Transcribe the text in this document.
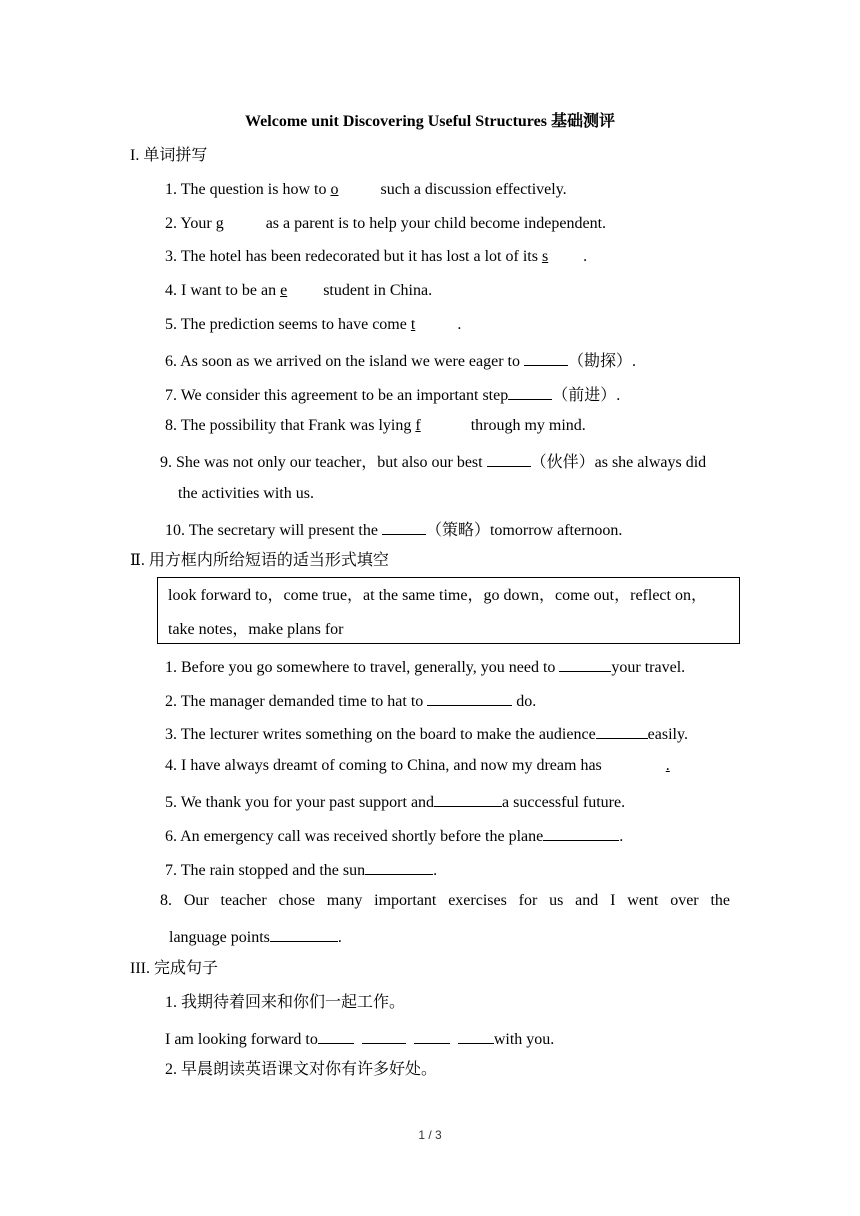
Welcome unit Discovering Useful Structures 基础测评
I. 单词拼写
1. The question is how to o such a discussion effectively.
2. Your g	as a parent is to help your child become independent.
3. The hotel has been redecorated but it has lost a lot of its s .
4. I want to be an e student in China.
5. The prediction seems to have come t	.
6. As soon as we arrived on the island we were eager to	（勘探）.
7. We consider this agreement to be an important step	（前进）.
8. The possibility that Frank was lying f	through my mind.
9. She was not only our teacher，but also our best	（伙伴）as she always did
the activities with us.
10. The secretary will present the	（策略）tomorrow afternoon.
Ⅱ. 用方框内所给短语的适当形式填空
look forward to，come true，at the same time，go down，come out，reflect on，
take notes，make plans for
1. Before you go somewhere to travel, generally, you need to	your travel.
2. The manager demanded time to hat to	do.
3. The lecturer writes something on the board to make the audience	easily.
4. I have always dreamt of coming to China, and now my dream has	.
5. We thank you for your past support and	a successful future.
6. An emergency call was received shortly before the plane	.
7. The rain stopped and the sun	.
8. Our teacher chose many important exercises for us and I went over the
language points	.
III. 完成句子
1. 我期待着回来和你们一起工作。
I am looking forward to	with you.
2. 早晨朗读英语课文对你有许多好处。
1 / 3
